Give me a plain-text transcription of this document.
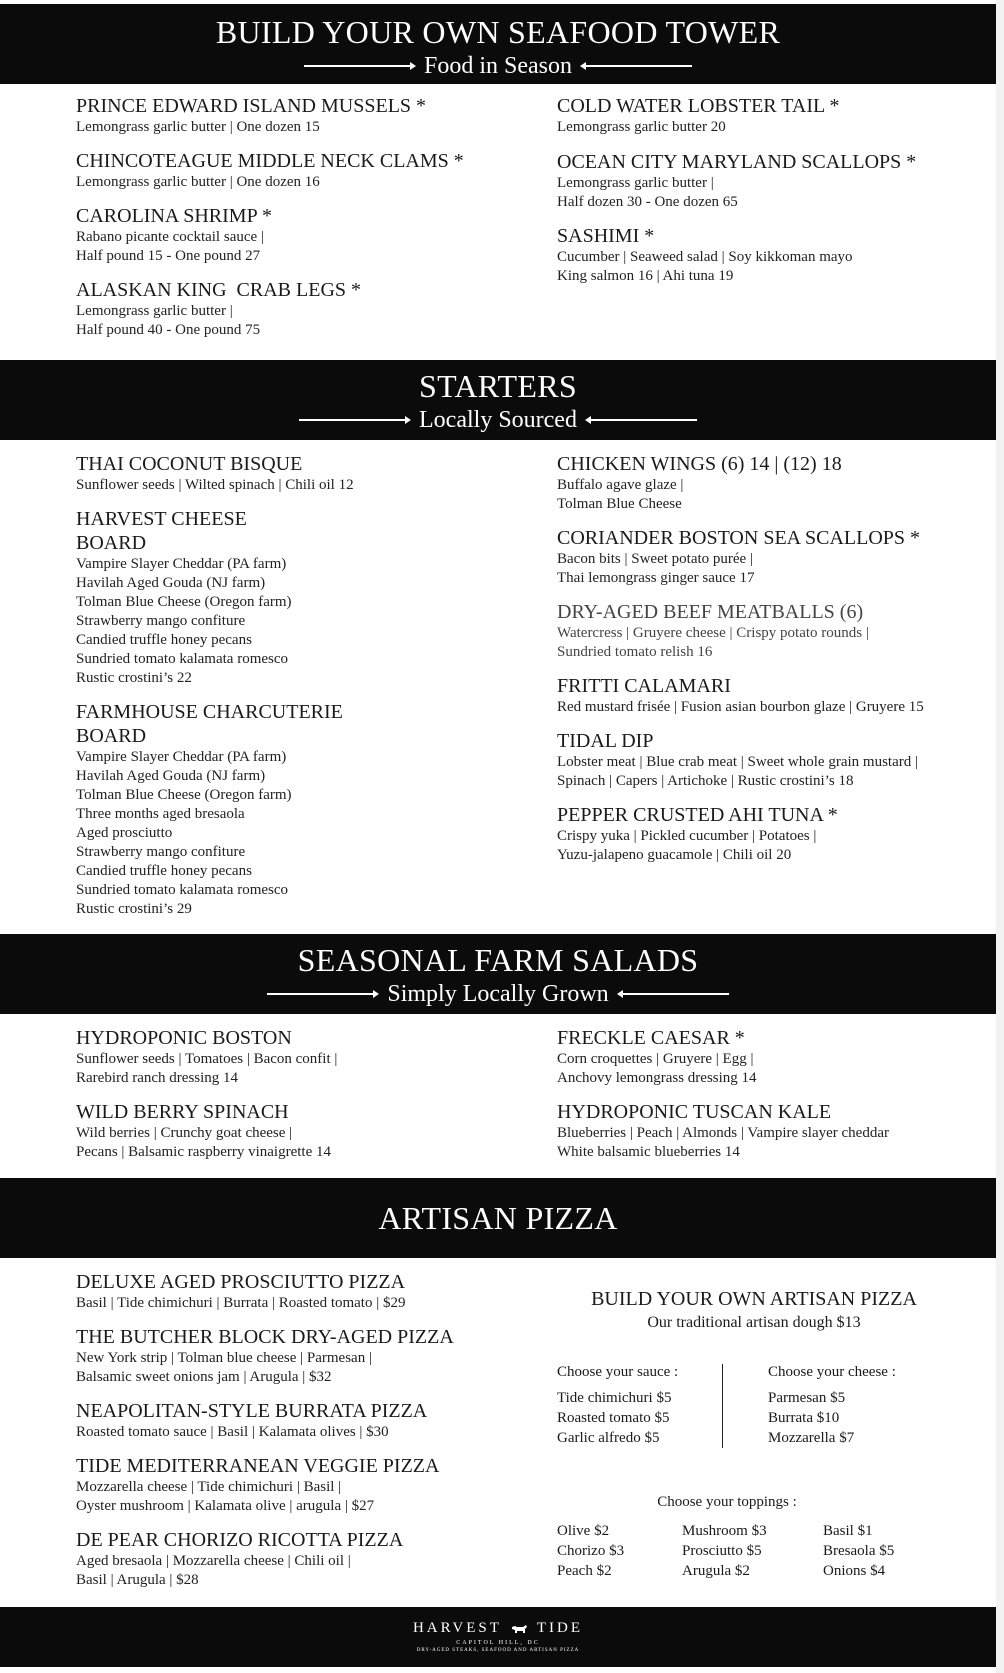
BUILD YOUR OWN SEAFOOD TOWER
Food in Season
PRINCE EDWARD ISLAND MUSSELS *
Lemongrass garlic butter | One dozen 15
CHINCOTEAGUE MIDDLE NECK CLAMS *
Lemongrass garlic butter | One dozen 16
CAROLINA SHRIMP *
Rabano picante cocktail sauce |
Half pound 15 - One pound 27
ALASKAN KING  CRAB LEGS *
Lemongrass garlic butter |
Half pound 40 - One pound 75
COLD WATER LOBSTER TAIL *
Lemongrass garlic butter 20
OCEAN CITY MARYLAND SCALLOPS *
Lemongrass garlic butter |
Half dozen 30 - One dozen 65
SASHIMI *
Cucumber | Seaweed salad | Soy kikkoman mayo
King salmon 16 | Ahi tuna 19
STARTERS
Locally Sourced
THAI COCONUT BISQUE
Sunflower seeds | Wilted spinach | Chili oil 12
HARVEST CHEESE
BOARD
Vampire Slayer Cheddar (PA farm)
Havilah Aged Gouda (NJ farm)
Tolman Blue Cheese (Oregon farm)
Strawberry mango confiture
Candied truffle honey pecans
Sundried tomato kalamata romesco
Rustic crostini’s 22
FARMHOUSE CHARCUTERIE
BOARD
Vampire Slayer Cheddar (PA farm)
Havilah Aged Gouda (NJ farm)
Tolman Blue Cheese (Oregon farm)
Three months aged bresaola
Aged prosciutto
Strawberry mango confiture
Candied truffle honey pecans
Sundried tomato kalamata romesco
Rustic crostini’s 29
CHICKEN WINGS (6) 14 | (12) 18
Buffalo agave glaze |
Tolman Blue Cheese
CORIANDER BOSTON SEA SCALLOPS *
Bacon bits | Sweet potato purée |
Thai lemongrass ginger sauce 17
DRY-AGED BEEF MEATBALLS (6)
Watercress | Gruyere cheese | Crispy potato rounds |
Sundried tomato relish 16
FRITTI CALAMARI
Red mustard frisée | Fusion asian bourbon glaze | Gruyere 15
TIDAL DIP
Lobster meat | Blue crab meat | Sweet whole grain mustard |
Spinach | Capers | Artichoke | Rustic crostini’s 18
PEPPER CRUSTED AHI TUNA *
Crispy yuka | Pickled cucumber | Potatoes |
Yuzu-jalapeno guacamole | Chili oil 20
SEASONAL FARM SALADS
Simply Locally Grown
HYDROPONIC BOSTON
Sunflower seeds | Tomatoes | Bacon confit |
Rarebird ranch dressing 14
WILD BERRY SPINACH
Wild berries | Crunchy goat cheese |
Pecans | Balsamic raspberry vinaigrette 14
FRECKLE CAESAR *
Corn croquettes | Gruyere | Egg |
Anchovy lemongrass dressing 14
HYDROPONIC TUSCAN KALE
Blueberries | Peach | Almonds | Vampire slayer cheddar
White balsamic blueberries 14
ARTISAN PIZZA
DELUXE AGED PROSCIUTTO PIZZA
Basil | Tide chimichuri | Burrata | Roasted tomato | $29
THE BUTCHER BLOCK DRY-AGED PIZZA
New York strip | Tolman blue cheese | Parmesan |
Balsamic sweet onions jam | Arugula | $32
NEAPOLITAN-STYLE BURRATA PIZZA
Roasted tomato sauce | Basil | Kalamata olives | $30
TIDE MEDITERRANEAN VEGGIE PIZZA
Mozzarella cheese | Tide chimichuri | Basil |
Oyster mushroom | Kalamata olive | arugula | $27
DE PEAR CHORIZO RICOTTA PIZZA
Aged bresaola | Mozzarella cheese | Chili oil |
Basil | Arugula | $28
BUILD YOUR OWN ARTISAN PIZZA
Our traditional artisan dough $13
Choose your sauce :
Tide chimichuri $5
Roasted tomato $5
Garlic alfredo $5
Choose your cheese :
Parmesan $5
Burrata $10
Mozzarella $7
Choose your toppings :
Olive $2
Chorizo $3
Peach $2
Mushroom $3
Prosciutto $5
Arugula $2
Basil $1
Bresaola $5
Onions $4
HARVEST TIDE
CAPITOL HILL, DC
DRY-AGED STEAKS, SEAFOOD AND ARTISAN PIZZA
